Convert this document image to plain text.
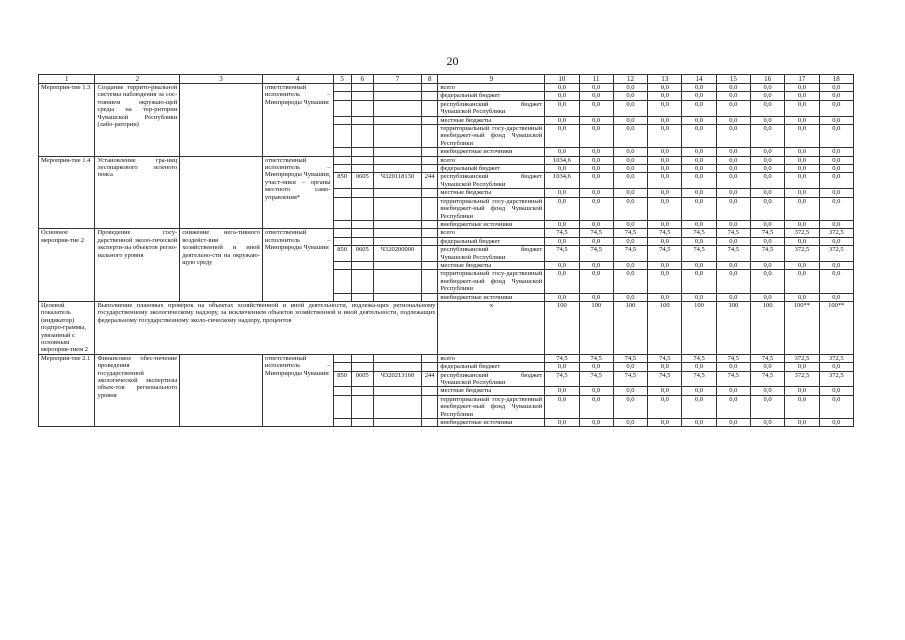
20
1	2	3	4	5	6	7	8	9	10	11	12	13	14	15	16	17	18
Мероприя-тие 1.3	Создание террито-риальной системы наблюдения за сос-тоянием окружаю-щей среды на тер-ритории Чувашской Республики (лабо-ратории)		ответственный исполнитель – Минприроды Чувашии					всего	0,0	0,0	0,0	0,0	0,0	0,0	0,0	0,0	0,0
								федеральный бюджет	0,0	0,0	0,0	0,0	0,0	0,0	0,0	0,0	0,0
								республиканский бюджет Чувашской Республики	0,0	0,0	0,0	0,0	0,0	0,0	0,0	0,0	0,0
								местные бюджеты	0,0	0,0	0,0	0,0	0,0	0,0	0,0	0,0	0,0
								территориальный госу-дарственный внебюджет-ный фонд Чувашской Республики	0,0	0,0	0,0	0,0	0,0	0,0	0,0	0,0	0,0
								внебюджетные источники	0,0	0,0	0,0	0,0	0,0	0,0	0,0	0,0	0,0
Мероприя-тие 1.4	Установление гра-ниц лесопаркового зеленого пояса		ответственный исполнитель – Минприроды Чувашии, участ-ники – органы местного само-управления*					всего	1034,6	0,0	0,0	0,0	0,0	0,0	0,0	0,0	0,0
								федеральный бюджет	0,0	0,0	0,0	0,0	0,0	0,0	0,0	0,0	0,0
				850	0605	Ч320118130	244	республиканский бюджет Чувашской Республики	1034,6	0,0	0,0	0,0	0,0	0,0	0,0	0,0	0,0
								местные бюджеты	0,0	0,0	0,0	0,0	0,0	0,0	0,0	0,0	0,0
								территориальный госу-дарственный внебюджет-ный фонд Чувашской Республики	0,0	0,0	0,0	0,0	0,0	0,0	0,0	0,0	0,0
								внебюджетные источники	0,0	0,0	0,0	0,0	0,0	0,0	0,0	0,0	0,0
Основное мероприя-тие 2	Проведение госу-дарственной эколо-гической эксперти-зы объектов регио-нального уровня	снижение нега-тивного воздейст-вия хозяйственной и иной деятельно-сти на окружаю-щую среду	ответственный исполнитель – Минприроды Чувашии					всего	74,5	74,5	74,5	74,5	74,5	74,5	74,5	372,5	372,5
								федеральный бюджет	0,0	0,0	0,0	0,0	0,0	0,0	0,0	0,0	0,0
				850	0605	Ч320200000		республиканский бюджет Чувашской Республики	74,5	74,5	74,5	74,5	74,5	74,5	74,5	372,5	372,5
								местные бюджеты	0,0	0,0	0,0	0,0	0,0	0,0	0,0	0,0	0,0
								территориальный госу-дарственный внебюджет-ный фонд Чувашской Республики	0,0	0,0	0,0	0,0	0,0	0,0	0,0	0,0	0,0
								внебюджетные источники	0,0	0,0	0,0	0,0	0,0	0,0	0,0	0,0	0,0
Целевой показатель (индикатор) подпро-граммы, увязанный с основным мероприя-тием 2	Выполнение плановых проверок на объектах хозяйственной и иной деятельности, подлежа-щих региональному государственному экологическому надзору, за исключением объектов хозяйственной и иной деятельности, подлежащих федеральному государственному эколо-гическому надзору, процентов							х	100	100	100	100	100	100	100	100**	100**
Мероприя-тие 2.1	Финансовое обес-печение проведения государственной экологической экспертизы объек-тов регионального уровня		ответственный исполнитель – Минприроды Чувашии					всего	74,5	74,5	74,5	74,5	74,5	74,5	74,5	372,5	372,5
								федеральный бюджет	0,0	0,0	0,0	0,0	0,0	0,0	0,0	0,0	0,0
				850	0605	Ч320213160	244	республиканский бюджет Чувашской Республики	74,5	74,5	74,5	74,5	74,5	74,5	74,5	372,5	372,5
								местные бюджеты	0,0	0,0	0,0	0,0	0,0	0,0	0,0	0,0	0,0
								территориальный госу-дарственный внебюджет-ный фонд Чувашской Республики	0,0	0,0	0,0	0,0	0,0	0,0	0,0	0,0	0,0
								внебюджетные источники	0,0	0,0	0,0	0,0	0,0	0,0	0,0	0,0	0,0
